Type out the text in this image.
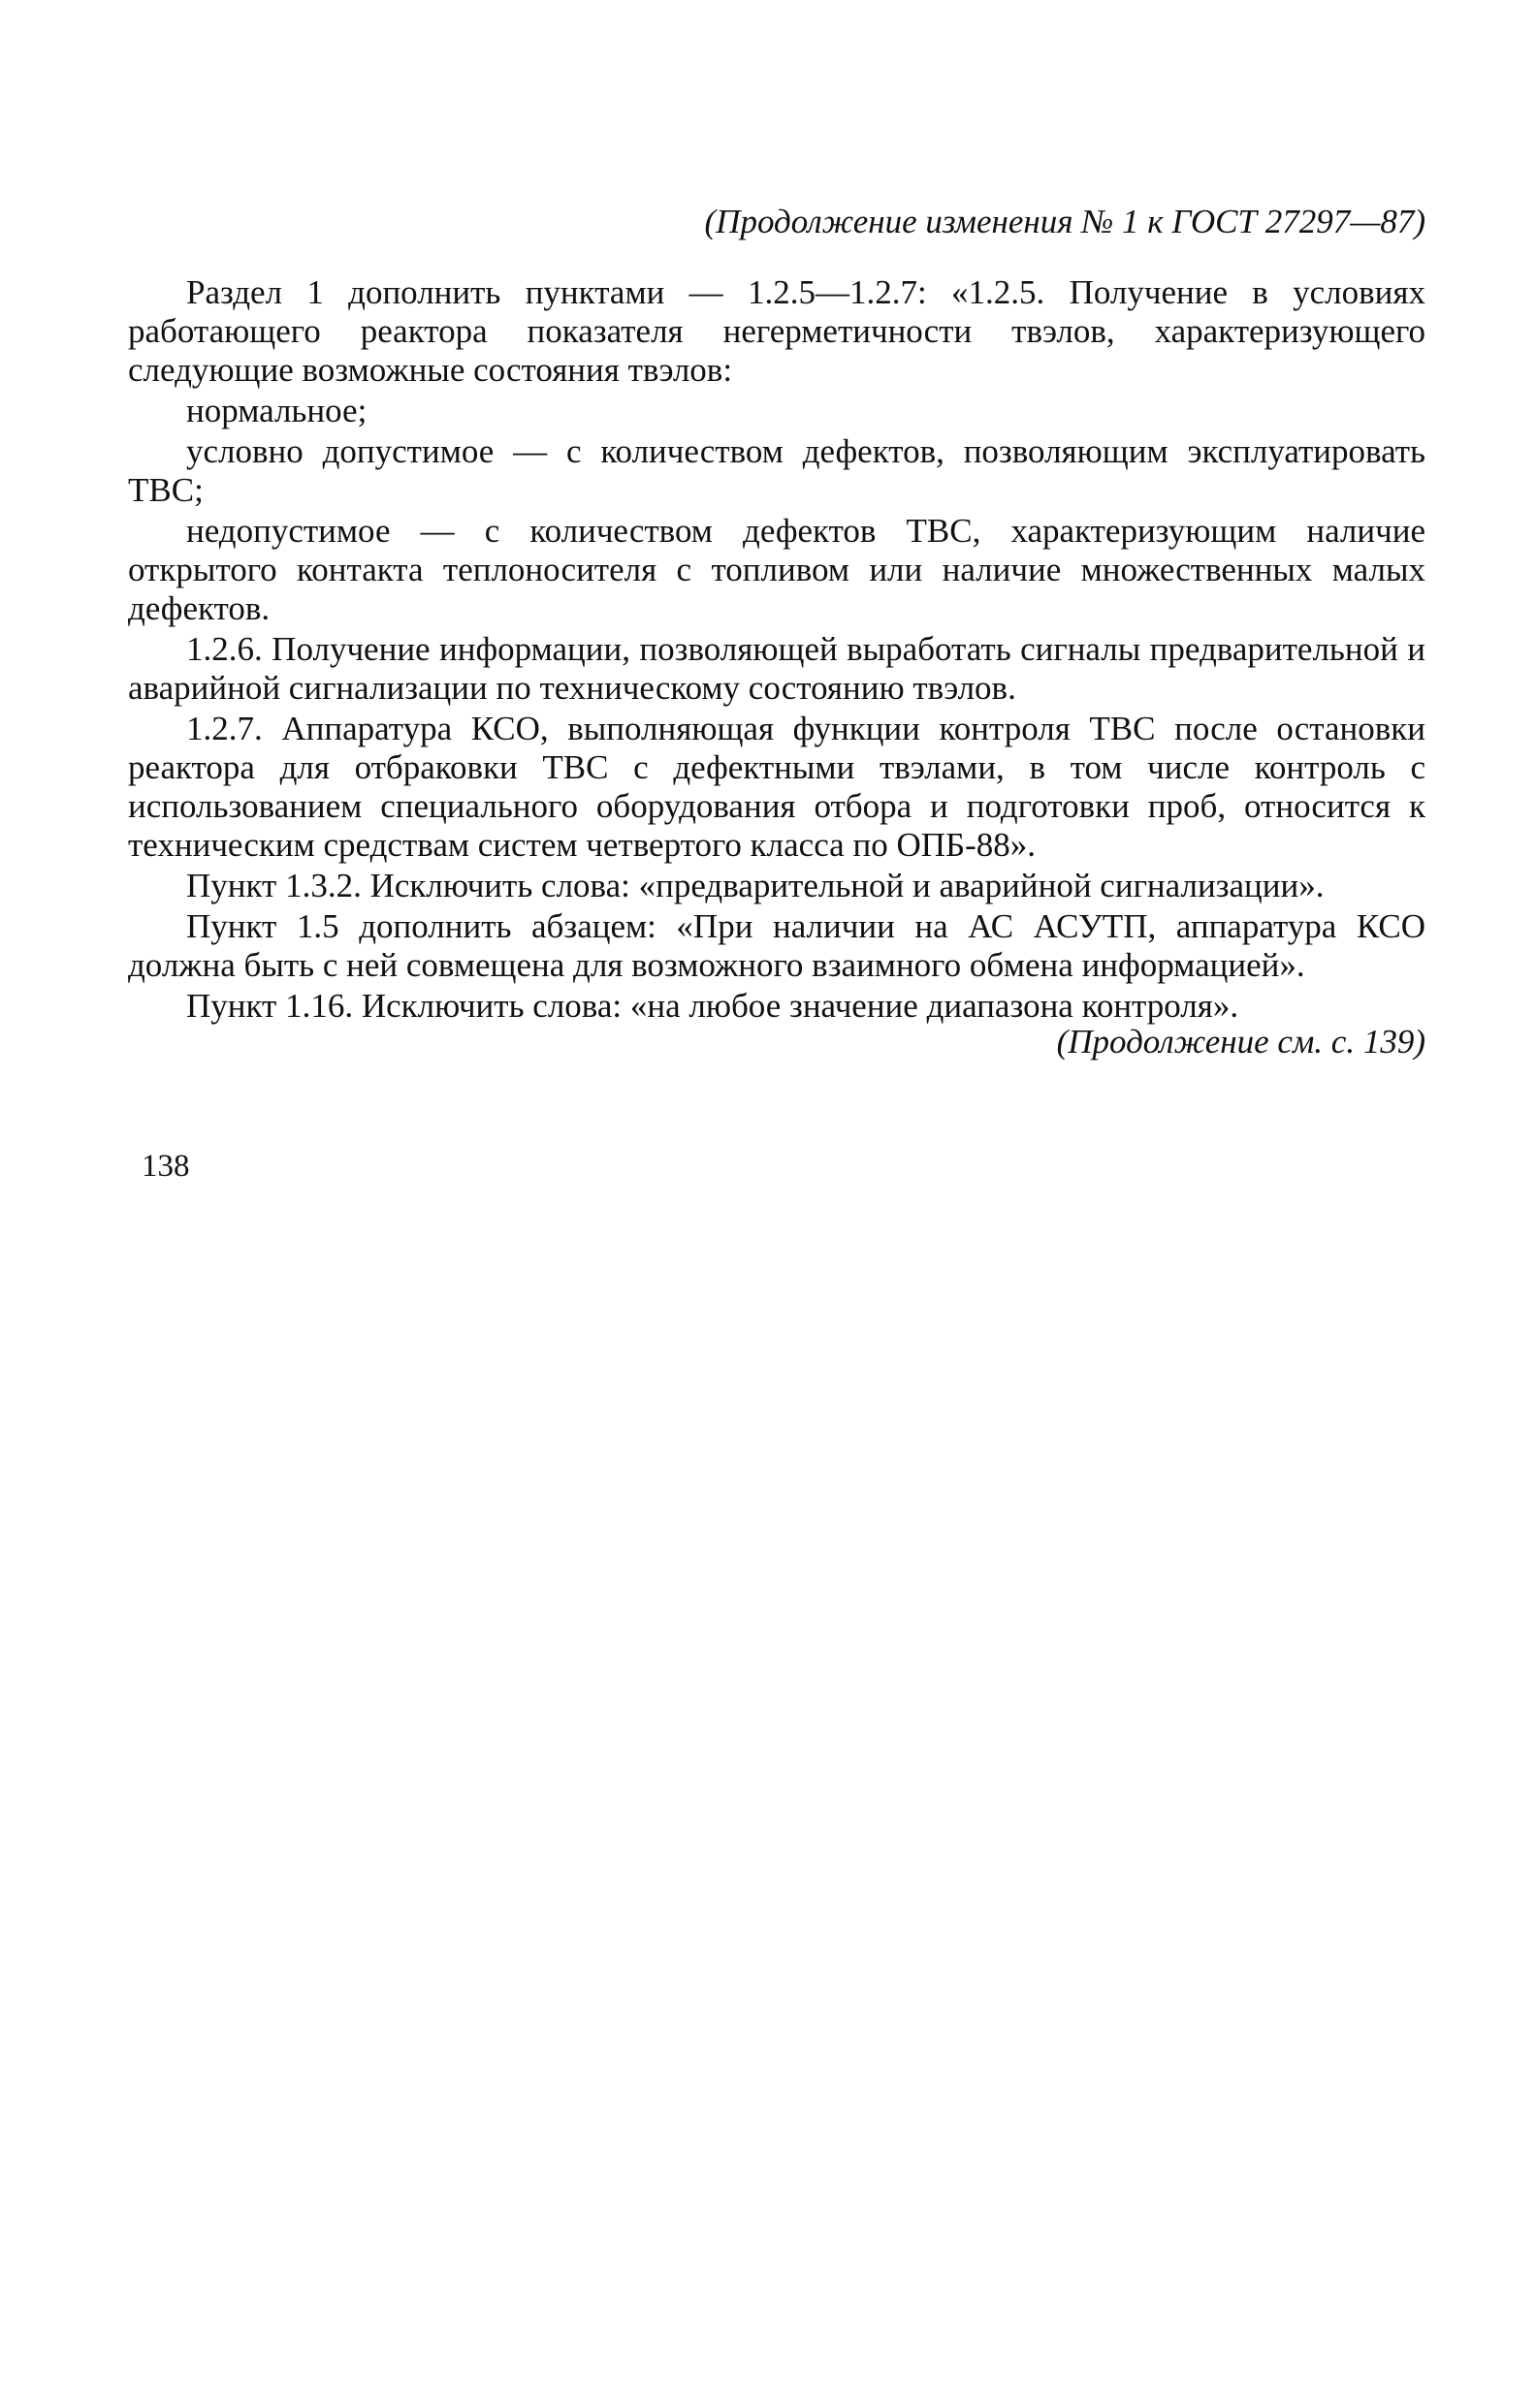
(Продолжение изменения № 1 к ГОСТ 27297—87)

Раздел 1 дополнить пунктами — 1.2.5—1.2.7: «1.2.5. Получение в условиях работающего реактора показателя негерметичности твэлов, характеризующего следующие возможные состояния твэлов:

нормальное;

условно допустимое — с количеством дефектов, позволяющим эксплуатировать ТВС;

недопустимое — с количеством дефектов ТВС, характеризующим наличие открытого контакта теплоносителя с топливом или наличие множественных малых дефектов.

1.2.6. Получение информации, позволяющей выработать сигналы предварительной и аварийной сигнализации по техническому состоянию твэлов.

1.2.7. Аппаратура КСО, выполняющая функции контроля ТВС после остановки реактора для отбраковки ТВС с дефектными твэлами, в том числе контроль с использованием специального оборудования отбора и подготовки проб, относится к техническим средствам систем четвертого класса по ОПБ-88».

Пункт 1.3.2. Исключить слова: «предварительной и аварийной сигнализации».

Пункт 1.5 дополнить абзацем: «При наличии на АС АСУТП, аппаратура КСО должна быть с ней совмещена для возможного взаимного обмена информацией».

Пункт 1.16. Исключить слова: «на любое значение диапазона контроля».

(Продолжение см. с. 139)
138
